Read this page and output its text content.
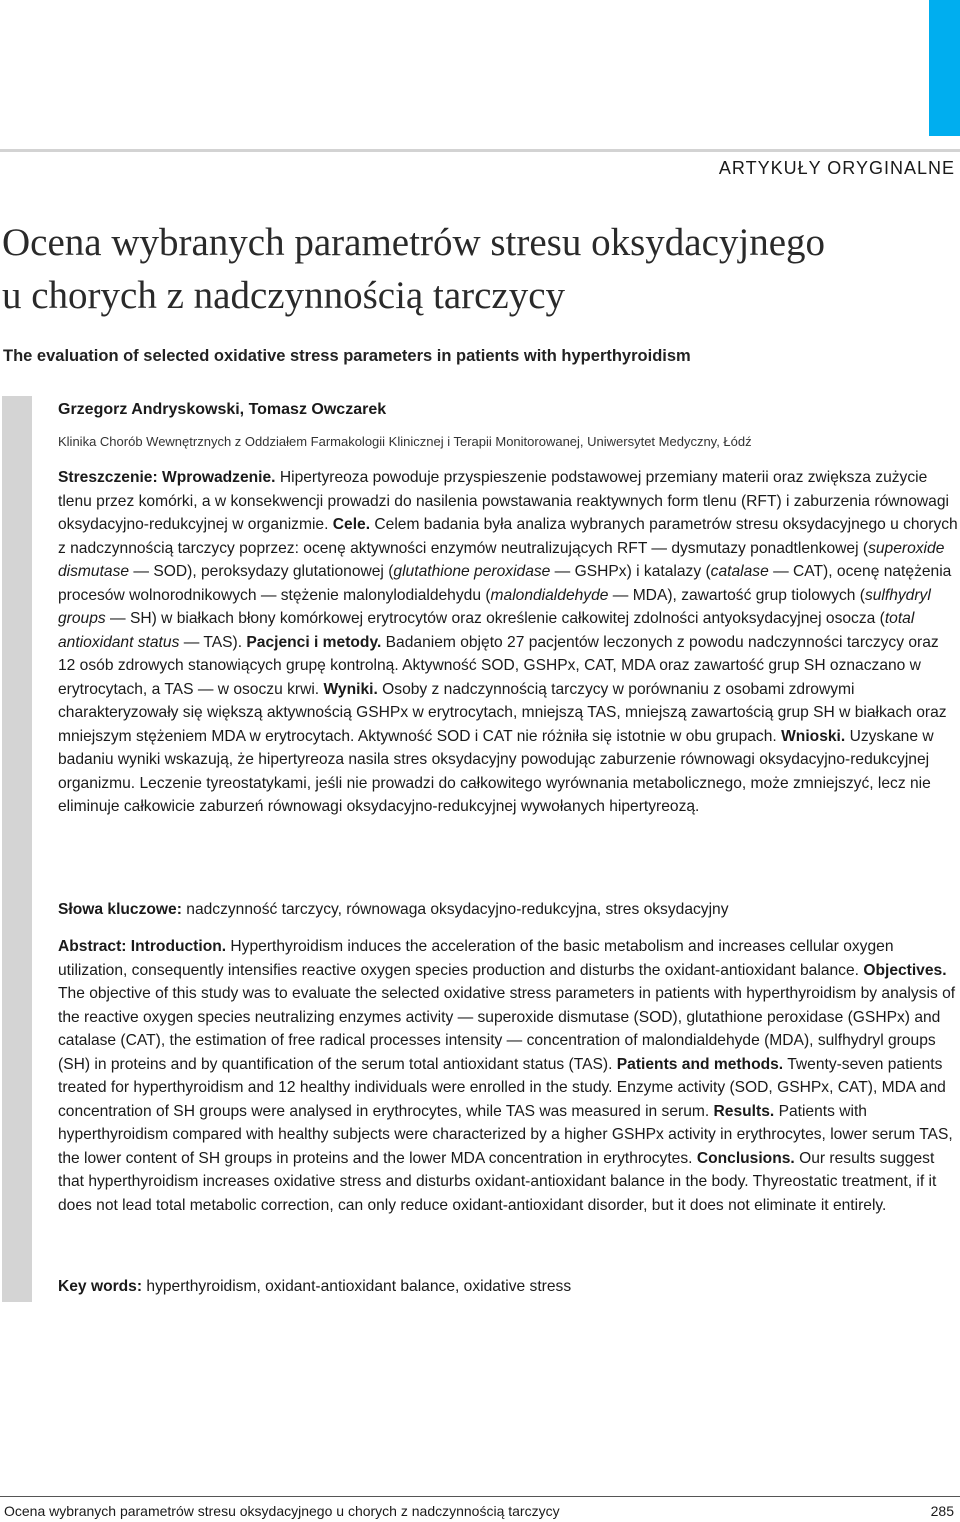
ARTYKUŁY ORYGINALNE
Ocena wybranych parametrów stresu oksydacyjnego
u chorych z nadczynnością tarczycy
The evaluation of selected oxidative stress parameters in patients with hyperthyroidism
Grzegorz Andryskowski, Tomasz Owczarek
Klinika Chorób Wewnętrznych z Oddziałem Farmakologii Klinicznej i Terapii Monitorowanej, Uniwersytet Medyczny, Łódź

Streszczenie: Wprowadzenie. Hipertyreoza powoduje przyspieszenie podstawowej przemiany materii oraz zwiększa zużycie tlenu przez komórki, a w konsekwencji prowadzi do nasilenia powstawania reaktywnych form tlenu (RFT) i zaburzenia równowagi oksydacyjno-redukcyjnej w organizmie. Cele. Celem badania była analiza wybranych parametrów stresu oksydacyjnego u chorych z nadczynnością tarczycy poprzez: ocenę aktywności enzymów neutralizujących RFT — dysmutazy ponadtlenkowej (superoxide dismutase — SOD), peroksydazy glutationowej (glutathione peroxidase — GSHPx) i katalazy (catalase — CAT), ocenę natężenia procesów wolnorodnikowych — stężenie malonylodialdehydu (malondialdehyde — MDA), zawartość grup tiolowych (sulfhydryl groups — SH) w białkach błony komórkowej erytrocytów oraz określenie całkowitej zdolności antyoksydacyjnej osocza (total antioxidant status — TAS). Pacjenci i metody. Badaniem objęto 27 pacjentów leczonych z powodu nadczynności tarczycy oraz 12 osób zdrowych stanowiących grupę kontrolną. Aktywność SOD, GSHPx, CAT, MDA oraz zawartość grup SH oznaczano w erytrocytach, a TAS — w osoczu krwi. Wyniki. Osoby z nadczynnością tarczycy w porównaniu z osobami zdrowymi charakteryzowały się większą aktywnością GSHPx w erytrocytach, mniejszą TAS, mniejszą zawartością grup SH w białkach oraz mniejszym stężeniem MDA w erytrocytach. Aktywność SOD i CAT nie różniła się istotnie w obu grupach. Wnioski. Uzyskane w badaniu wyniki wskazują, że hipertyreoza nasila stres oksydacyjny powodując zaburzenie równowagi oksydacyjno-redukcyjnej organizmu. Leczenie tyreostatykami, jeśli nie prowadzi do całkowitego wyrównania metabolicznego, może zmniejszyć, lecz nie eliminuje całkowicie zaburzeń równowagi oksydacyjno-redukcyjnej wywołanych hipertyreozą.

Słowa kluczowe: nadczynność tarczycy, równowaga oksydacyjno-redukcyjna, stres oksydacyjny

Abstract: Introduction. Hyperthyroidism induces the acceleration of the basic metabolism and increases cellular oxygen utilization, consequently intensifies reactive oxygen species production and disturbs the oxidant-antioxidant balance. Objectives. The objective of this study was to evaluate the selected oxidative stress parameters in patients with hyperthyroidism by analysis of the reactive oxygen species neutralizing enzymes activity — superoxide dismutase (SOD), glutathione peroxidase (GSHPx) and catalase (CAT), the estimation of free radical processes intensity — concentration of malondialdehyde (MDA), sulfhydryl groups (SH) in proteins and by quantification of the serum total antioxidant status (TAS). Patients and methods. Twenty-seven patients treated for hyperthyroidism and 12 healthy individuals were enrolled in the study. Enzyme activity (SOD, GSHPx, CAT), MDA and concentration of SH groups were analysed in erythrocytes, while TAS was measured in serum. Results. Patients with hyperthyroidism compared with healthy subjects were characterized by a higher GSHPx activity in erythrocytes, lower serum TAS, the lower content of SH groups in proteins and the lower MDA concentration in erythrocytes. Conclusions. Our results suggest that hyperthyroidism increases oxidative stress and disturbs oxidant-antioxidant balance in the body. Thyreostatic treatment, if it does not lead total metabolic correction, can only reduce oxidant-antioxidant disorder, but it does not eliminate it entirely.

Key words: hyperthyroidism, oxidant-antioxidant balance, oxidative stress
Ocena wybranych parametrów stresu oksydacyjnego u chorych z nadczynnością tarczycy	285
